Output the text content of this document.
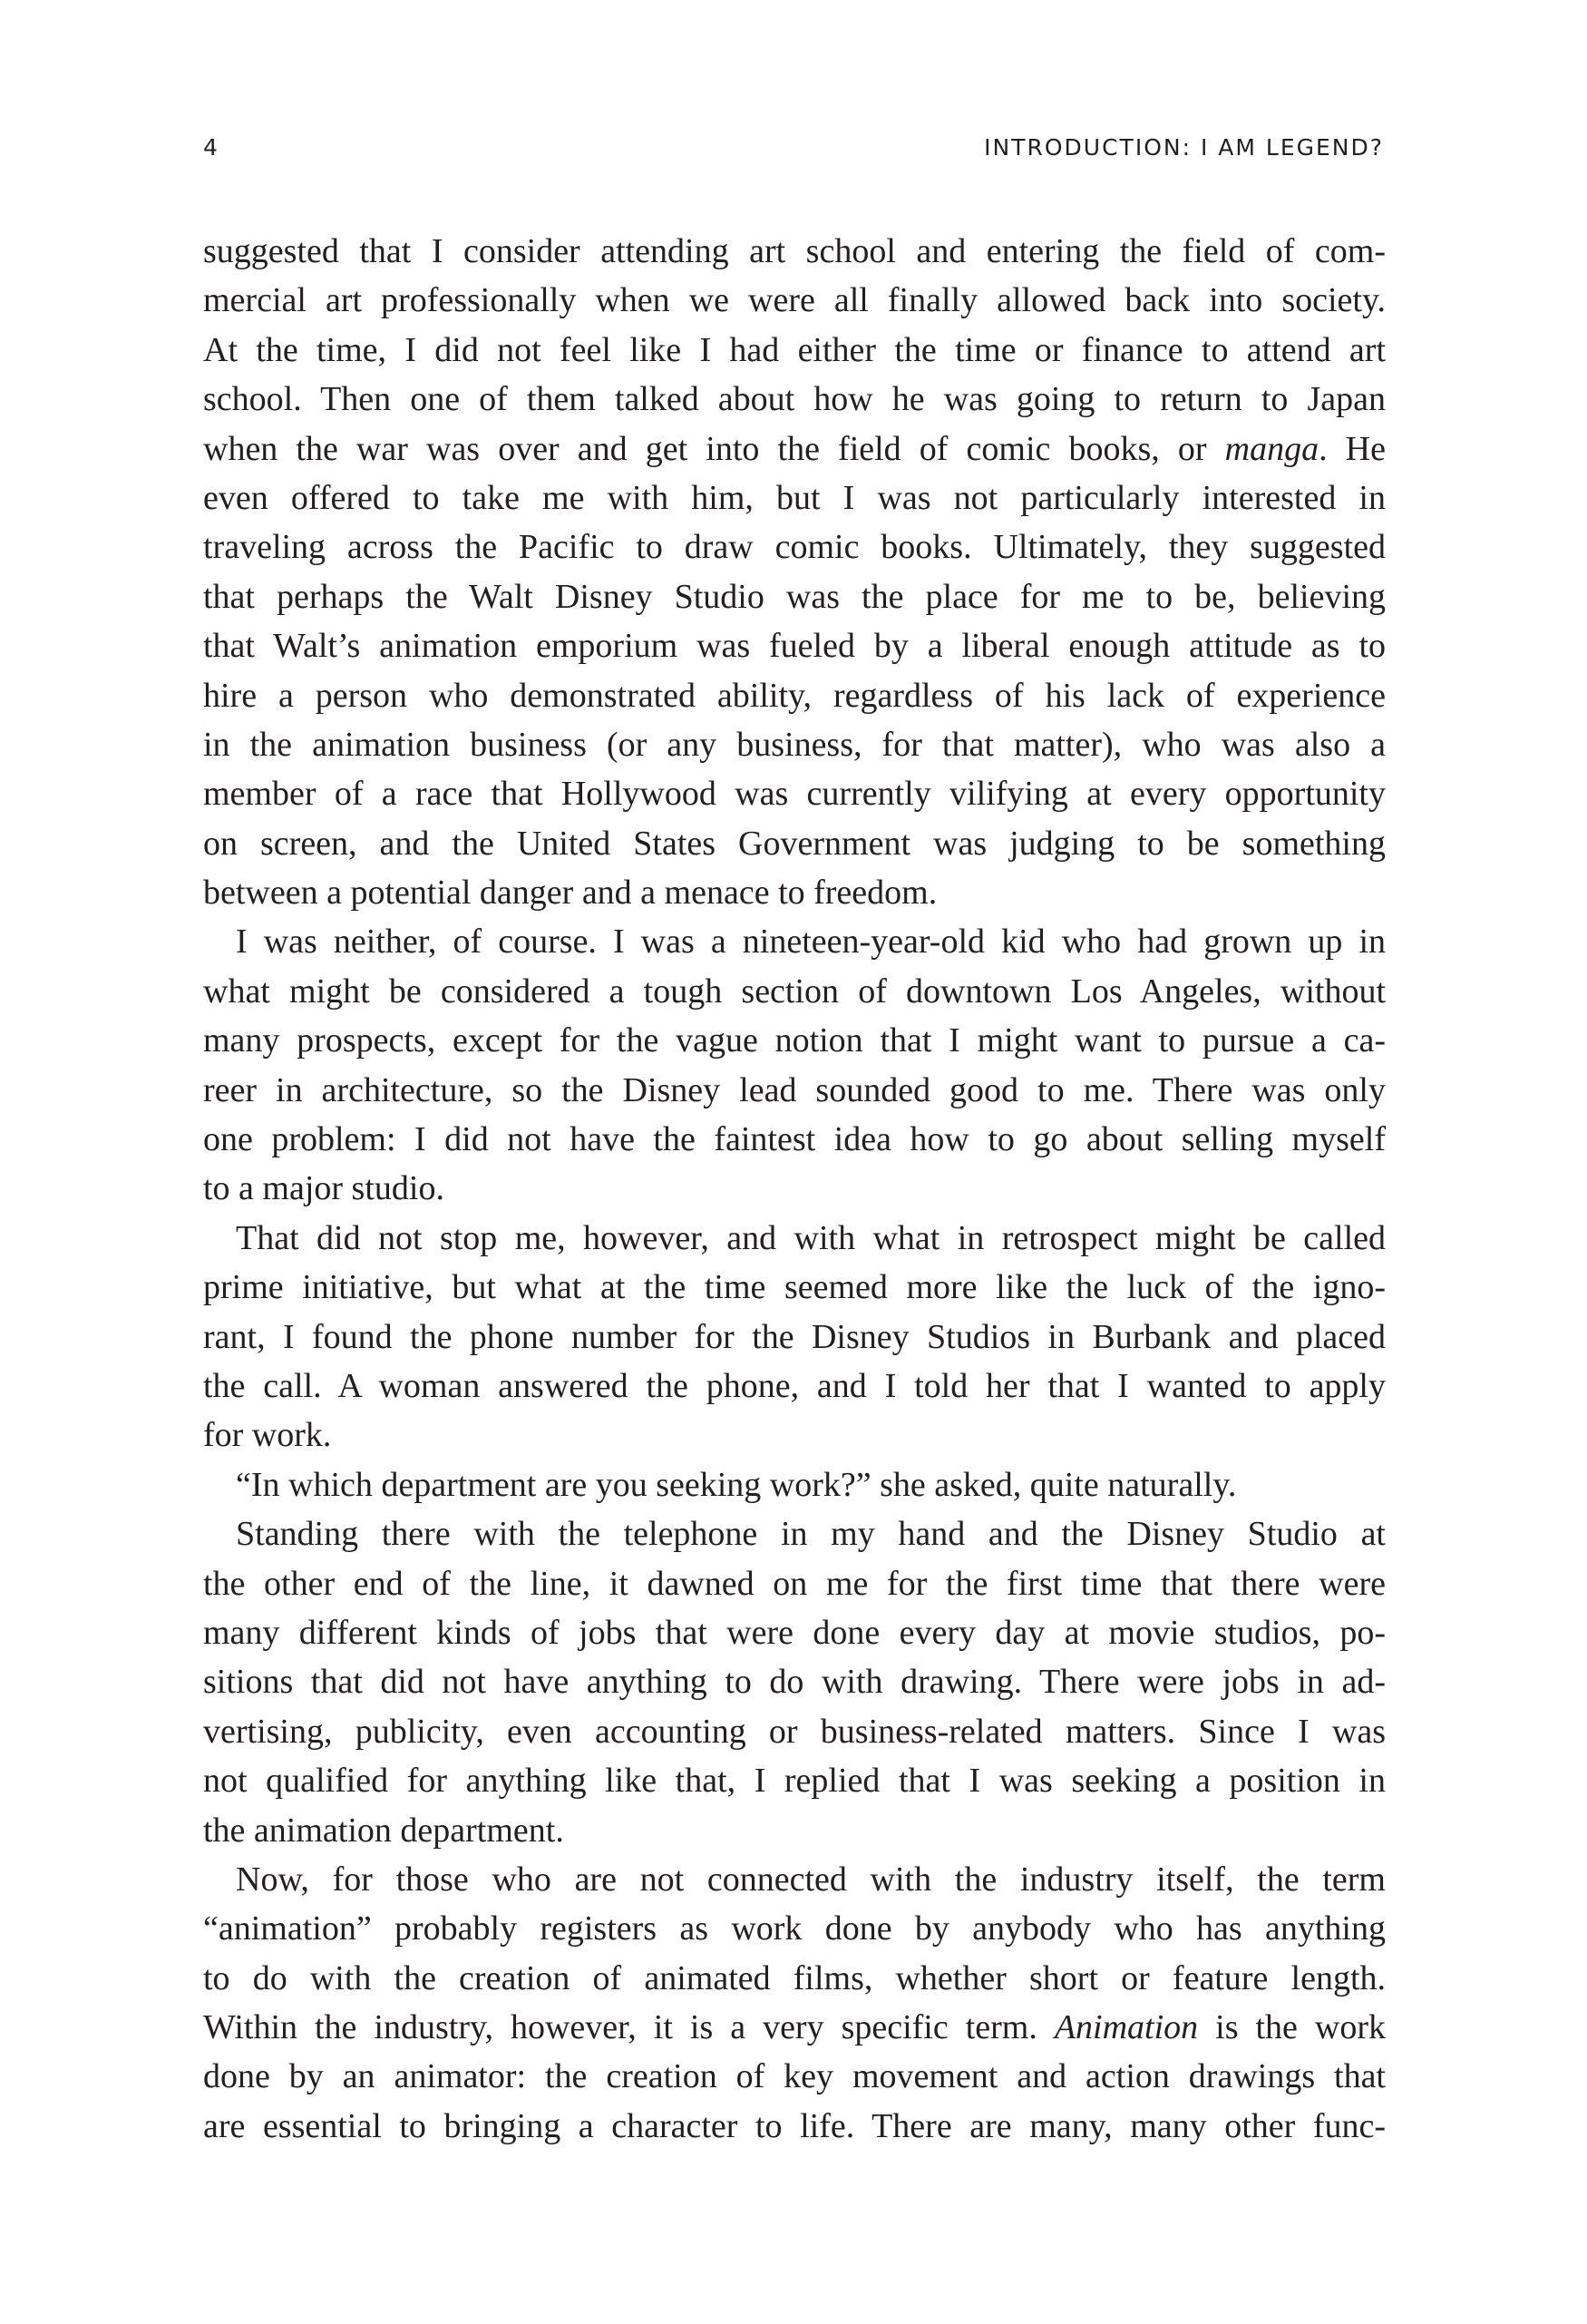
4	INTRODUCTION: I AM LEGEND?
suggested that I consider attending art school and entering the field of com-
mercial art professionally when we were all finally allowed back into society.
At the time, I did not feel like I had either the time or finance to attend art
school. Then one of them talked about how he was going to return to Japan
when the war was over and get into the field of comic books, or manga. He
even offered to take me with him, but I was not particularly interested in
traveling across the Pacific to draw comic books. Ultimately, they suggested
that perhaps the Walt Disney Studio was the place for me to be, believing
that Walt’s animation emporium was fueled by a liberal enough attitude as to
hire a person who demonstrated ability, regardless of his lack of experience
in the animation business (or any business, for that matter), who was also a
member of a race that Hollywood was currently vilifying at every opportunity
on screen, and the United States Government was judging to be something
between a potential danger and a menace to freedom.
I was neither, of course. I was a nineteen-year-old kid who had grown up in
what might be considered a tough section of downtown Los Angeles, without
many prospects, except for the vague notion that I might want to pursue a ca-
reer in architecture, so the Disney lead sounded good to me. There was only
one problem: I did not have the faintest idea how to go about selling myself
to a major studio.
That did not stop me, however, and with what in retrospect might be called
prime initiative, but what at the time seemed more like the luck of the igno-
rant, I found the phone number for the Disney Studios in Burbank and placed
the call. A woman answered the phone, and I told her that I wanted to apply
for work.
“In which department are you seeking work?” she asked, quite naturally.
Standing there with the telephone in my hand and the Disney Studio at
the other end of the line, it dawned on me for the first time that there were
many different kinds of jobs that were done every day at movie studios, po-
sitions that did not have anything to do with drawing. There were jobs in ad-
vertising, publicity, even accounting or business-related matters. Since I was
not qualified for anything like that, I replied that I was seeking a position in
the animation department.
Now, for those who are not connected with the industry itself, the term
“animation” probably registers as work done by anybody who has anything
to do with the creation of animated films, whether short or feature length.
Within the industry, however, it is a very specific term. Animation is the work
done by an animator: the creation of key movement and action drawings that
are essential to bringing a character to life. There are many, many other func-
